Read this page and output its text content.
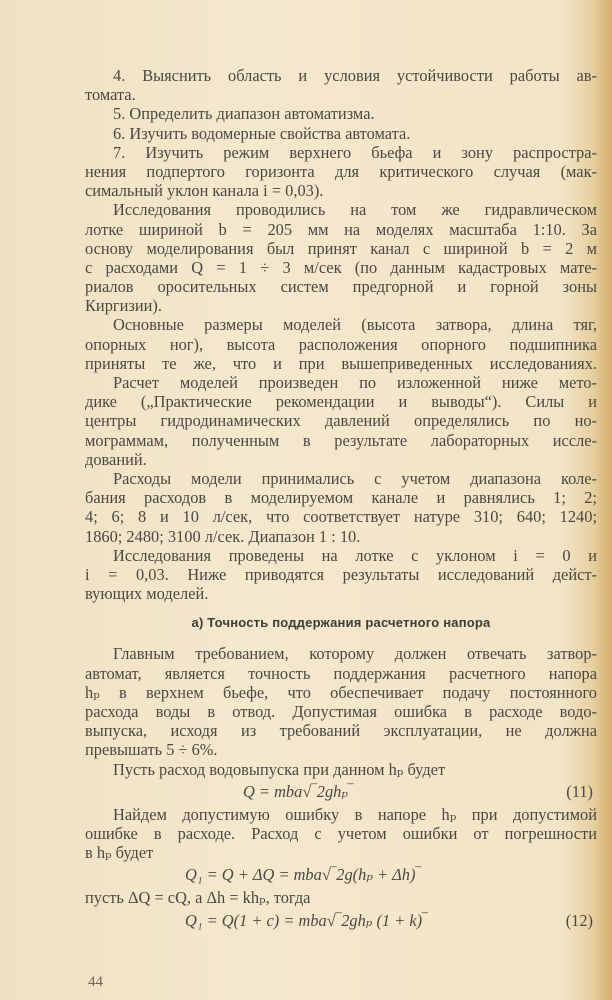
4. Выяснить область и условия устойчивости работы ав-
томата.
5. Определить диапазон автоматизма.
6. Изучить водомерные свойства автомата.
7. Изучить режим верхнего бьефа и зону распростра-
нения подпертого горизонта для критического случая (мак-
симальный уклон канала i = 0,03).
Исследования проводились на том же гидравлическом
лотке шириной b = 205 мм на моделях масштаба 1:10. За
основу моделирования был принят канал с шириной b = 2 м
с расходами Q = 1 ÷ 3 м/сек (по данным кадастровых мате-
риалов оросительных систем предгорной и горной зоны
Киргизии).
Основные размеры моделей (высота затвора, длина тяг,
опорных ног), высота расположения опорного подшипника
приняты те же, что и при вышеприведенных исследованиях.
Расчет моделей произведен по изложенной ниже мето-
дике („Практические рекомендации и выводы“). Силы и
центры гидродинамических давлений определялись по но-
мограммам, полученным в результате лабораторных иссле-
дований.
Расходы модели принимались с учетом диапазона коле-
бания расходов в моделируемом канале и равнялись 1; 2;
4; 6; 8 и 10 л/сек, что соответствует натуре 310; 640; 1240;
1860; 2480; 3100 л/сек. Диапазон 1 : 10.
Исследования проведены на лотке с уклоном i = 0 и
i = 0,03. Ниже приводятся результаты исследований дейст-
вующих моделей.
а) Точность поддержания расчетного напора
Главным требованием, которому должен отвечать затвор-
автомат, является точность поддержания расчетного напора
hₚ в верхнем бьефе, что обеспечивает подачу постоянного
расхода воды в отвод. Допустимая ошибка в расходе водо-
выпуска, исходя из требований эксплуатации, не должна
превышать 5 ÷ 6%.
Пусть расход водовыпуска при данном hₚ будет
Q = mba√‾2ghₚ‾	(11)
Найдем допустимую ошибку в напоре hₚ при допустимой
ошибке в расходе. Расход с учетом ошибки от погрешности
в hₚ будет
Q₁ = Q + ΔQ = mba√‾2g(hₚ + Δh)‾
пусть ΔQ = cQ, а Δh = khₚ, тогда
Q₁ = Q(1 + c) = mba√‾2ghₚ (1 + k)‾	(12)
44
